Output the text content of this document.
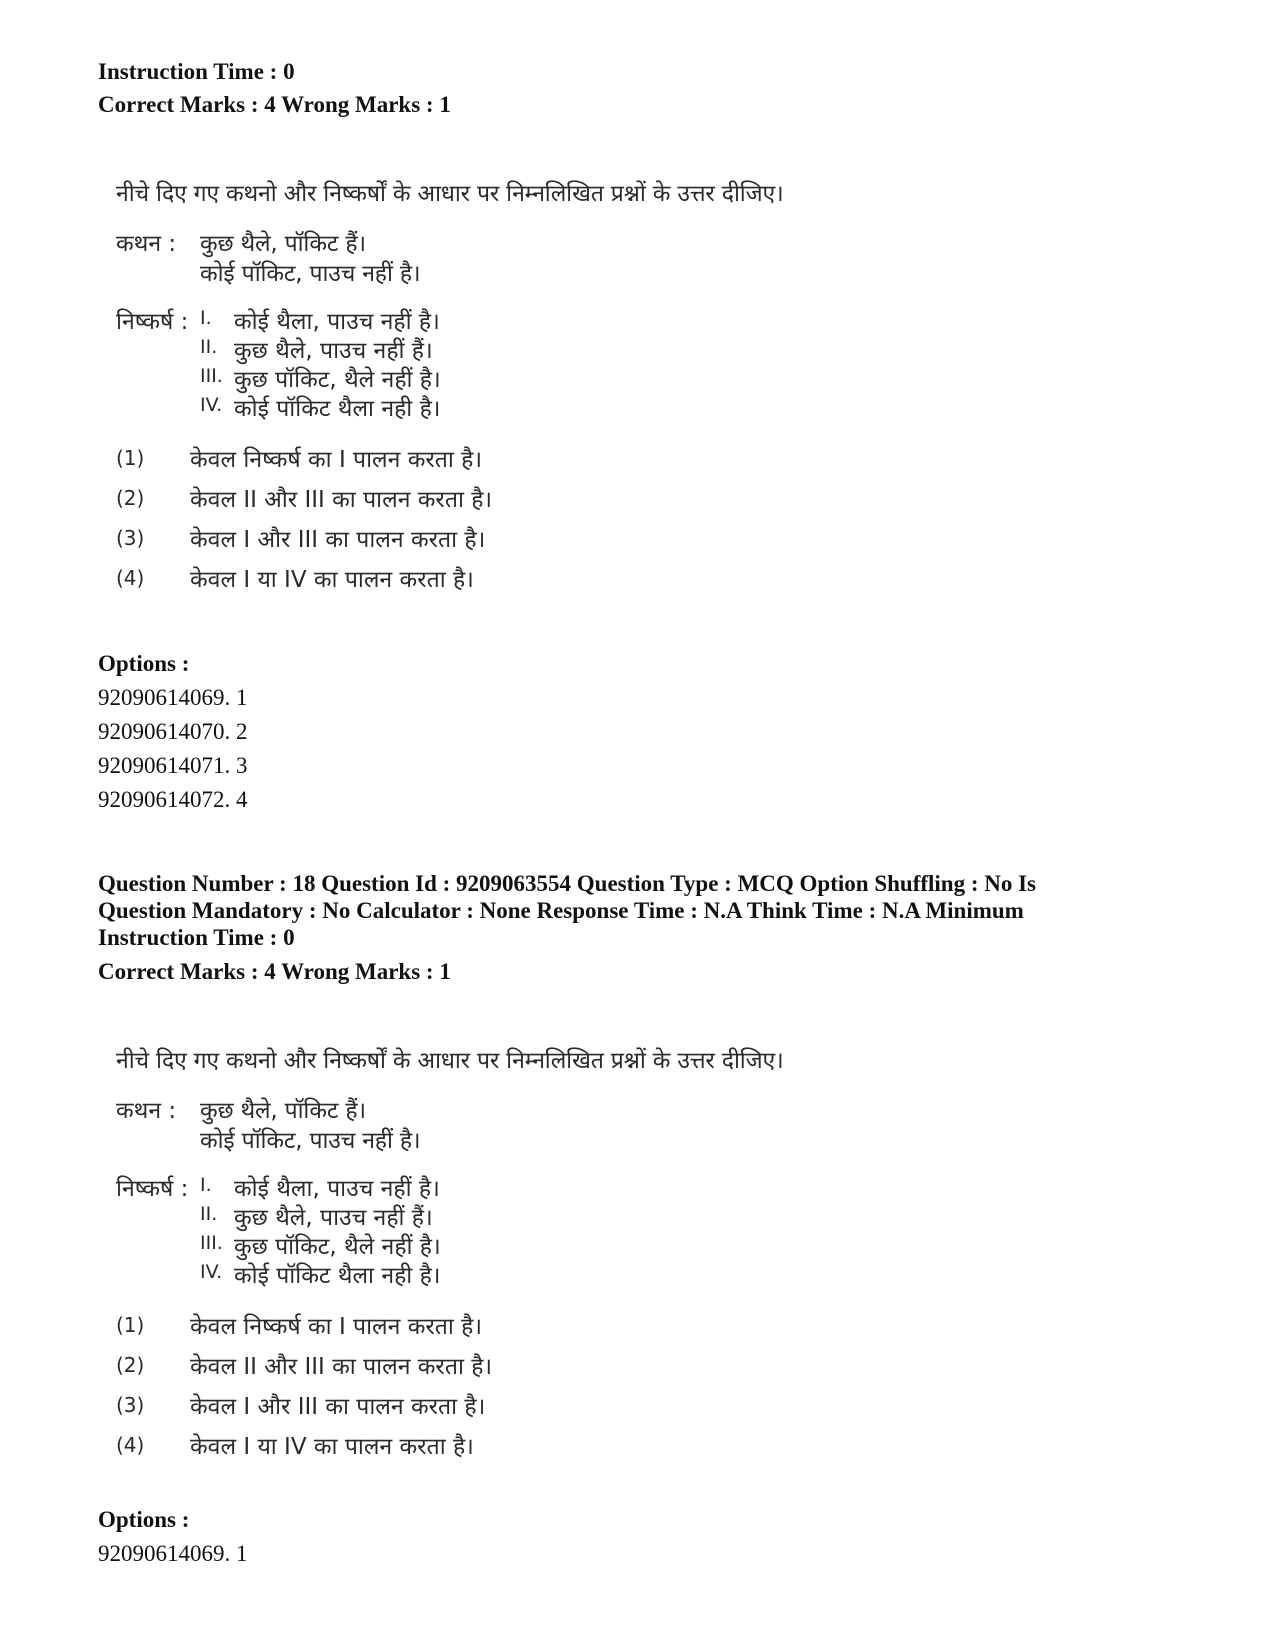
Instruction Time : 0
Correct Marks : 4 Wrong Marks : 1
नीचे दिए गए कथनो और निष्कर्षों के आधार पर निम्नलिखित प्रश्नों के उत्तर दीजिए।
कथन : कुछ थैले, पॉकिट हैं।
कोई पॉकिट, पाउच नहीं है।
निष्कर्ष : I. कोई थैला, पाउच नहीं है।
II. कुछ थैले, पाउच नहीं हैं।
III. कुछ पॉकिट, थैले नहीं है।
IV. कोई पॉकिट थैला नही है।
(1) केवल निष्कर्ष का I पालन करता है।
(2) केवल II और III का पालन करता है।
(3) केवल I और III का पालन करता है।
(4) केवल I या IV का पालन करता है।
Options :
92090614069. 1
92090614070. 2
92090614071. 3
92090614072. 4
Question Number : 18 Question Id : 9209063554 Question Type : MCQ Option Shuffling : No Is
Question Mandatory : No Calculator : None Response Time : N.A Think Time : N.A Minimum
Instruction Time : 0
Correct Marks : 4 Wrong Marks : 1
नीचे दिए गए कथनो और निष्कर्षों के आधार पर निम्नलिखित प्रश्नों के उत्तर दीजिए।
कथन : कुछ थैले, पॉकिट हैं।
कोई पॉकिट, पाउच नहीं है।
निष्कर्ष : I. कोई थैला, पाउच नहीं है।
II. कुछ थैले, पाउच नहीं हैं।
III. कुछ पॉकिट, थैले नहीं है।
IV. कोई पॉकिट थैला नही है।
(1) केवल निष्कर्ष का I पालन करता है।
(2) केवल II और III का पालन करता है।
(3) केवल I और III का पालन करता है।
(4) केवल I या IV का पालन करता है।
Options :
92090614069. 1
